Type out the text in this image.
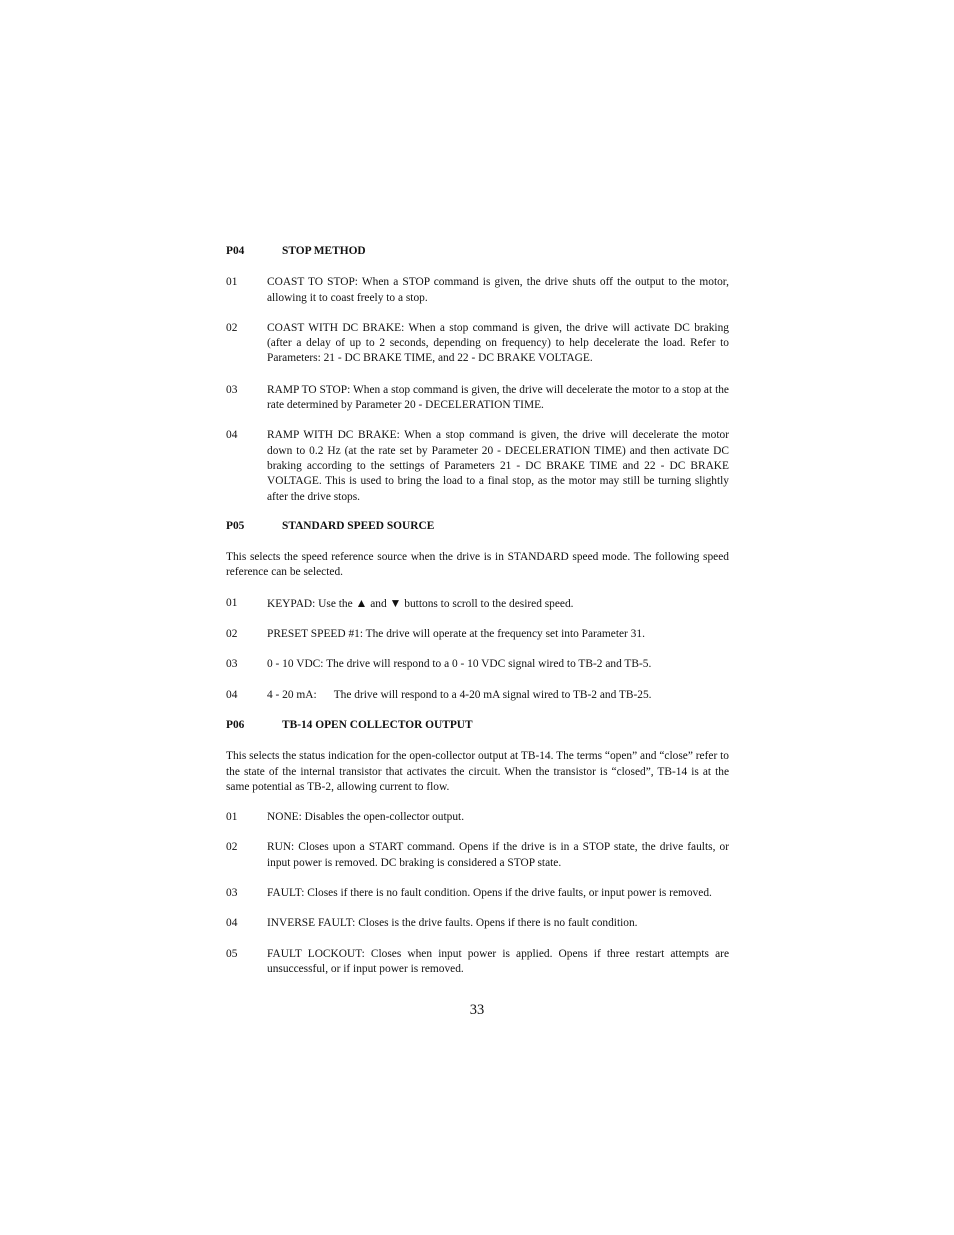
P04	STOP METHOD
01	COAST TO STOP: When a STOP command is given, the drive shuts off the output to the motor, allowing it to coast freely to a stop.
02	COAST WITH DC BRAKE: When a stop command is given, the drive will activate DC braking (after a delay of up to 2 seconds, depending on frequency) to help decelerate the load. Refer to Parameters: 21 - DC BRAKE TIME, and 22 - DC BRAKE VOLTAGE.
03	RAMP TO STOP: When a stop command is given, the drive will decelerate the motor to a stop at the rate determined by Parameter 20 - DECELERATION TIME.
04	RAMP WITH DC BRAKE: When a stop command is given, the drive will decelerate the motor down to 0.2 Hz (at the rate set by Parameter 20 - DECELERATION TIME) and then activate DC braking according to the settings of Parameters 21 - DC BRAKE TIME and 22 - DC BRAKE VOLTAGE. This is used to bring the load to a final stop, as the motor may still be turning slightly after the drive stops.
P05	STANDARD SPEED SOURCE
This selects the speed reference source when the drive is in STANDARD speed mode. The following speed reference can be selected.
01	KEYPAD: Use the ▲ and ▼ buttons to scroll to the desired speed.
02	PRESET SPEED #1: The drive will operate at the frequency set into Parameter 31.
03	0 - 10 VDC: The drive will respond to a 0 - 10 VDC signal wired to TB-2 and TB-5.
04	4 - 20 mA: The drive will respond to a 4-20 mA signal wired to TB-2 and TB-25.
P06	TB-14 OPEN COLLECTOR OUTPUT
This selects the status indication for the open-collector output at TB-14. The terms “open” and “close” refer to the state of the internal transistor that activates the circuit. When the transistor is “closed”, TB-14 is at the same potential as TB-2, allowing current to flow.
01	NONE: Disables the open-collector output.
02	RUN: Closes upon a START command. Opens if the drive is in a STOP state, the drive faults, or input power is removed. DC braking is considered a STOP state.
03	FAULT: Closes if there is no fault condition. Opens if the drive faults, or input power is removed.
04	INVERSE FAULT: Closes is the drive faults. Opens if there is no fault condition.
05	FAULT LOCKOUT: Closes when input power is applied. Opens if three restart attempts are unsuccessful, or if input power is removed.
33
